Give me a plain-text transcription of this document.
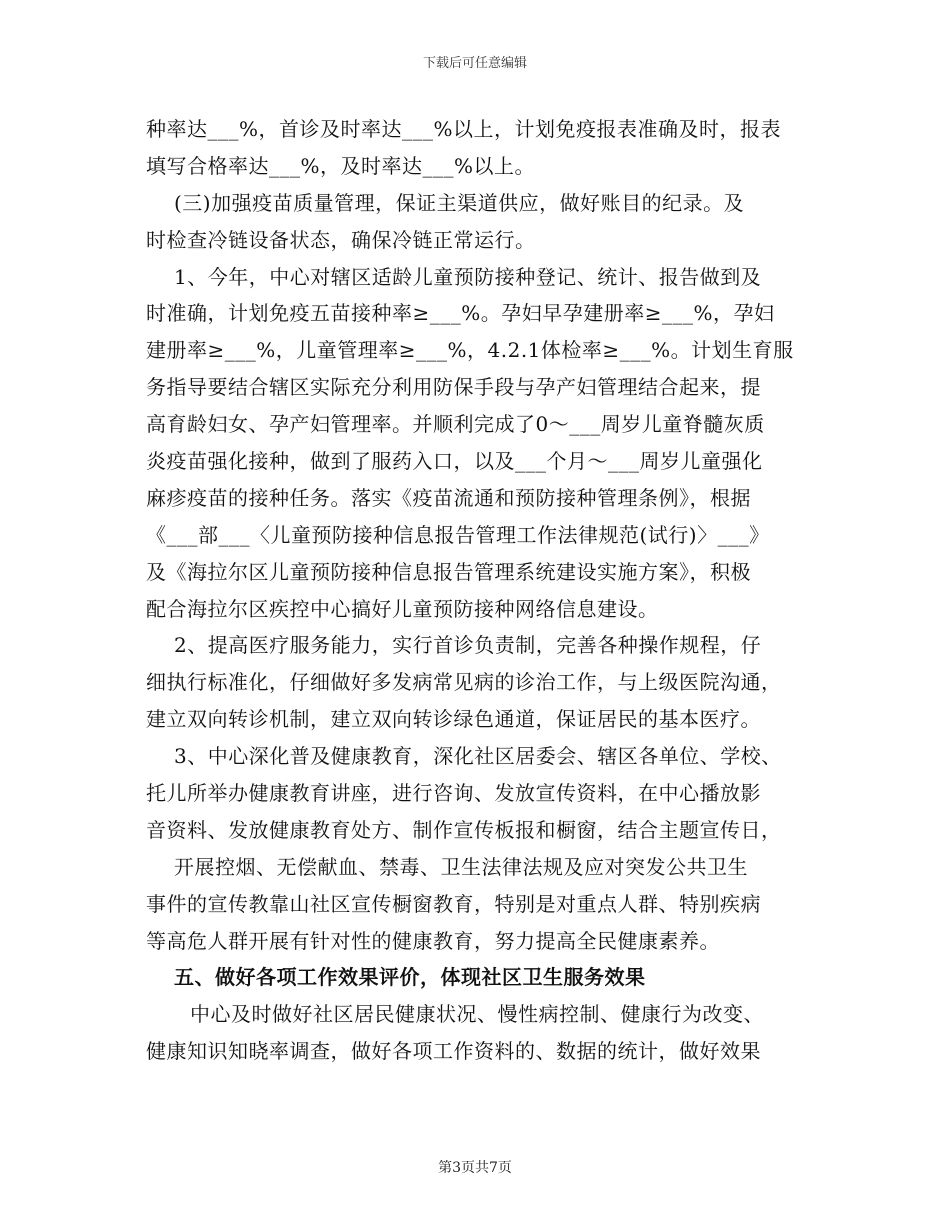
下载后可任意编辑
种率达___%，首诊及时率达___%以上，计划免疫报表准确及时，报表
填写合格率达___%，及时率达___%以上。
(三)加强疫苗质量管理，保证主渠道供应，做好账目的纪录。及
时检查冷链设备状态，确保冷链正常运行。
1、今年，中心对辖区适龄儿童预防接种登记、统计、报告做到及
时准确，计划免疫五苗接种率≥___%。孕妇早孕建册率≥___%，孕妇
建册率≥___%，儿童管理率≥___%，4.2.1体检率≥___%。计划生育服
务指导要结合辖区实际充分利用防保手段与孕产妇管理结合起来，提
高育龄妇女、孕产妇管理率。并顺利完成了0～___周岁儿童脊髓灰质
炎疫苗强化接种，做到了服药入口，以及___个月～___周岁儿童强化
麻疹疫苗的接种任务。落实《疫苗流通和预防接种管理条例》，根据
《___部___〈儿童预防接种信息报告管理工作法律规范(试行)〉___》
及《海拉尔区儿童预防接种信息报告管理系统建设实施方案》，积极
配合海拉尔区疾控中心搞好儿童预防接种网络信息建设。
2、提高医疗服务能力，实行首诊负责制，完善各种操作规程，仔
细执行标准化，仔细做好多发病常见病的诊治工作，与上级医院沟通，
建立双向转诊机制，建立双向转诊绿色通道，保证居民的基本医疗。
3、中心深化普及健康教育，深化社区居委会、辖区各单位、学校、
托儿所举办健康教育讲座，进行咨询、发放宣传资料，在中心播放影
音资料、发放健康教育处方、制作宣传板报和橱窗，结合主题宣传日，
开展控烟、无偿献血、禁毒、卫生法律法规及应对突发公共卫生
事件的宣传教靠山社区宣传橱窗教育，特别是对重点人群、特别疾病
等高危人群开展有针对性的健康教育，努力提高全民健康素养。
五、做好各项工作效果评价，体现社区卫生服务效果
中心及时做好社区居民健康状况、慢性病控制、健康行为改变、
健康知识知晓率调查，做好各项工作资料的、数据的统计，做好效果
第3页共7页
